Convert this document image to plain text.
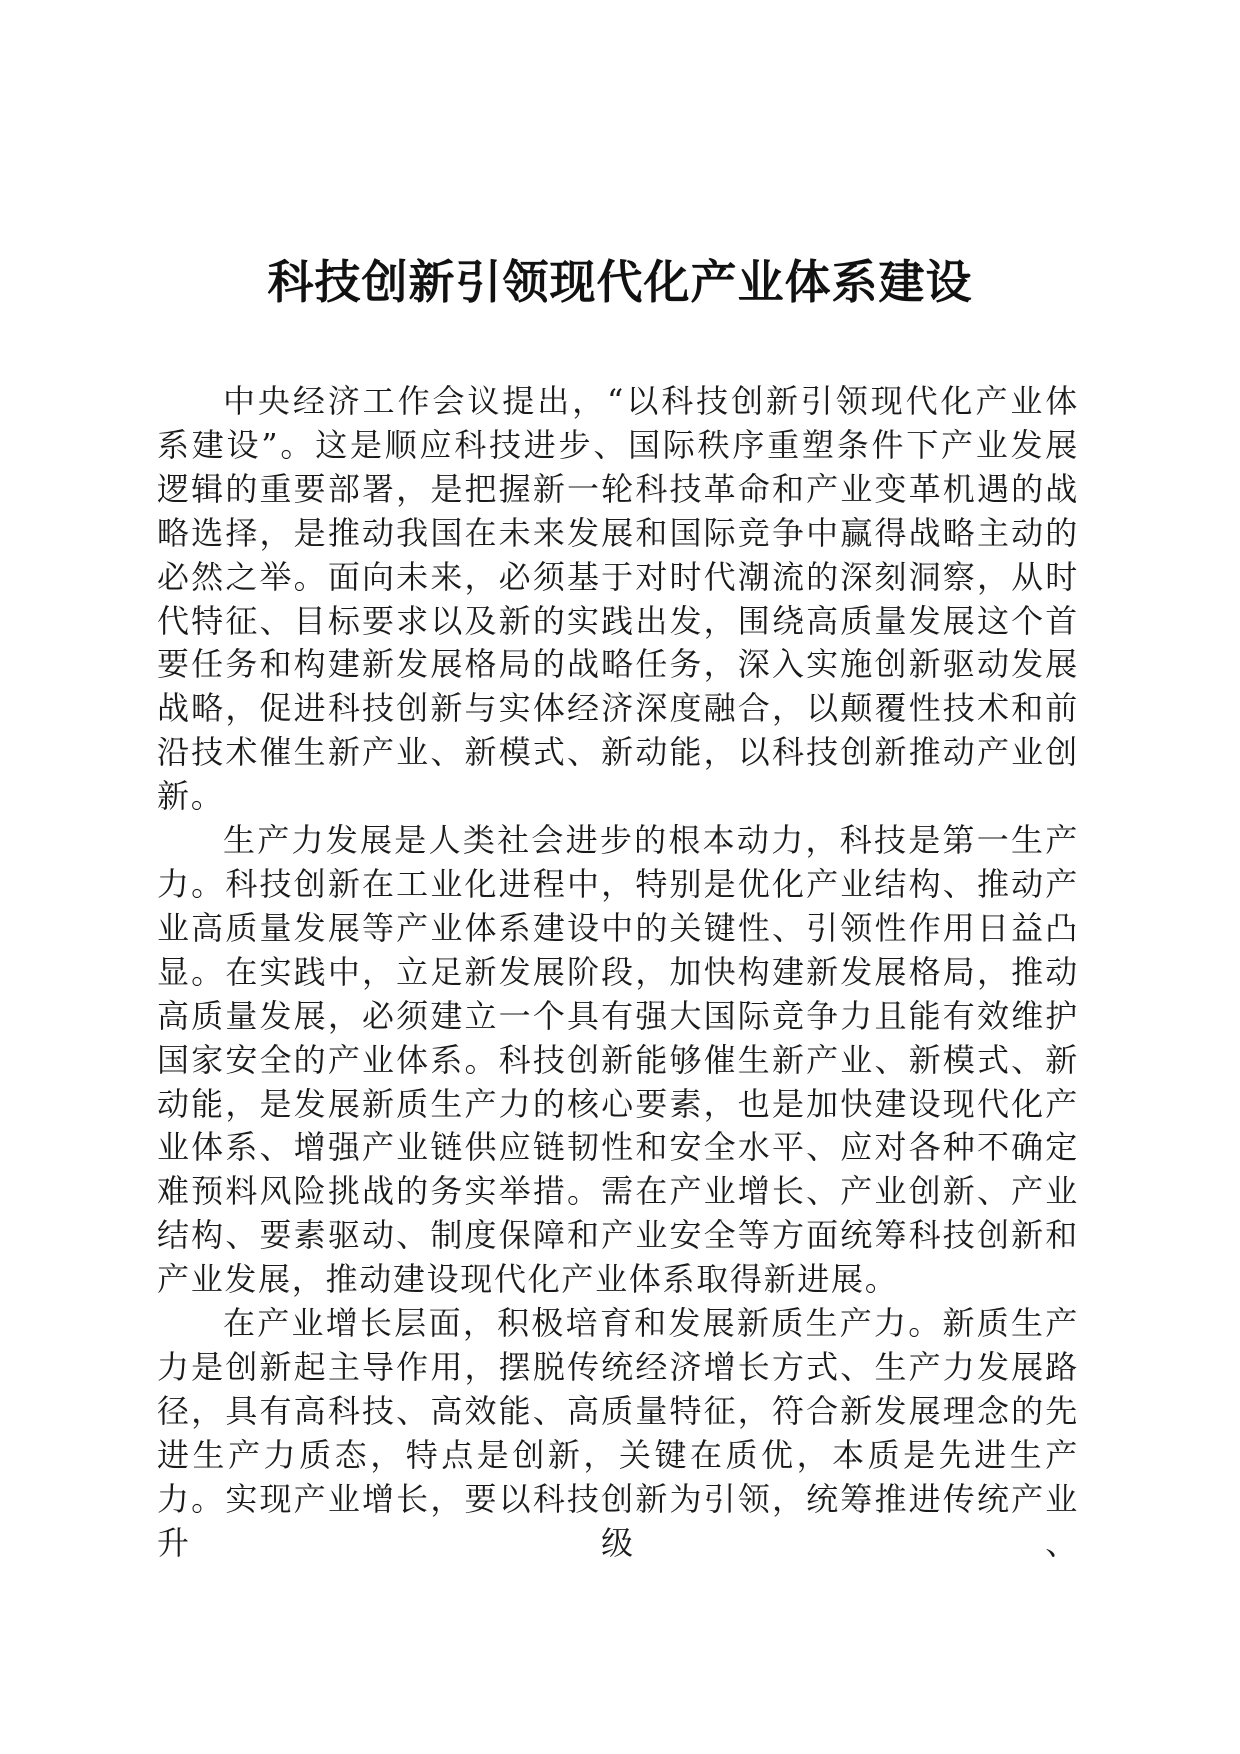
科技创新引领现代化产业体系建设

中央经济工作会议提出，“以科技创新引领现代化产业体系建设”。这是顺应科技进步、国际秩序重塑条件下产业发展逻辑的重要部署，是把握新一轮科技革命和产业变革机遇的战略选择，是推动我国在未来发展和国际竞争中赢得战略主动的必然之举。面向未来，必须基于对时代潮流的深刻洞察，从时代特征、目标要求以及新的实践出发，围绕高质量发展这个首要任务和构建新发展格局的战略任务，深入实施创新驱动发展战略，促进科技创新与实体经济深度融合，以颠覆性技术和前沿技术催生新产业、新模式、新动能，以科技创新推动产业创新。

生产力发展是人类社会进步的根本动力，科技是第一生产力。科技创新在工业化进程中，特别是优化产业结构、推动产业高质量发展等产业体系建设中的关键性、引领性作用日益凸显。在实践中，立足新发展阶段，加快构建新发展格局，推动高质量发展，必须建立一个具有强大国际竞争力且能有效维护国家安全的产业体系。科技创新能够催生新产业、新模式、新动能，是发展新质生产力的核心要素，也是加快建设现代化产业体系、增强产业链供应链韧性和安全水平、应对各种不确定难预料风险挑战的务实举措。需在产业增长、产业创新、产业结构、要素驱动、制度保障和产业安全等方面统筹科技创新和产业发展，推动建设现代化产业体系取得新进展。

在产业增长层面，积极培育和发展新质生产力。新质生产力是创新起主导作用，摆脱传统经济增长方式、生产力发展路径，具有高科技、高效能、高质量特征，符合新发展理念的先进生产力质态，特点是创新，关键在质优，本质是先进生产力。实现产业增长，要以科技创新为引领，统筹推进传统产业升级、
